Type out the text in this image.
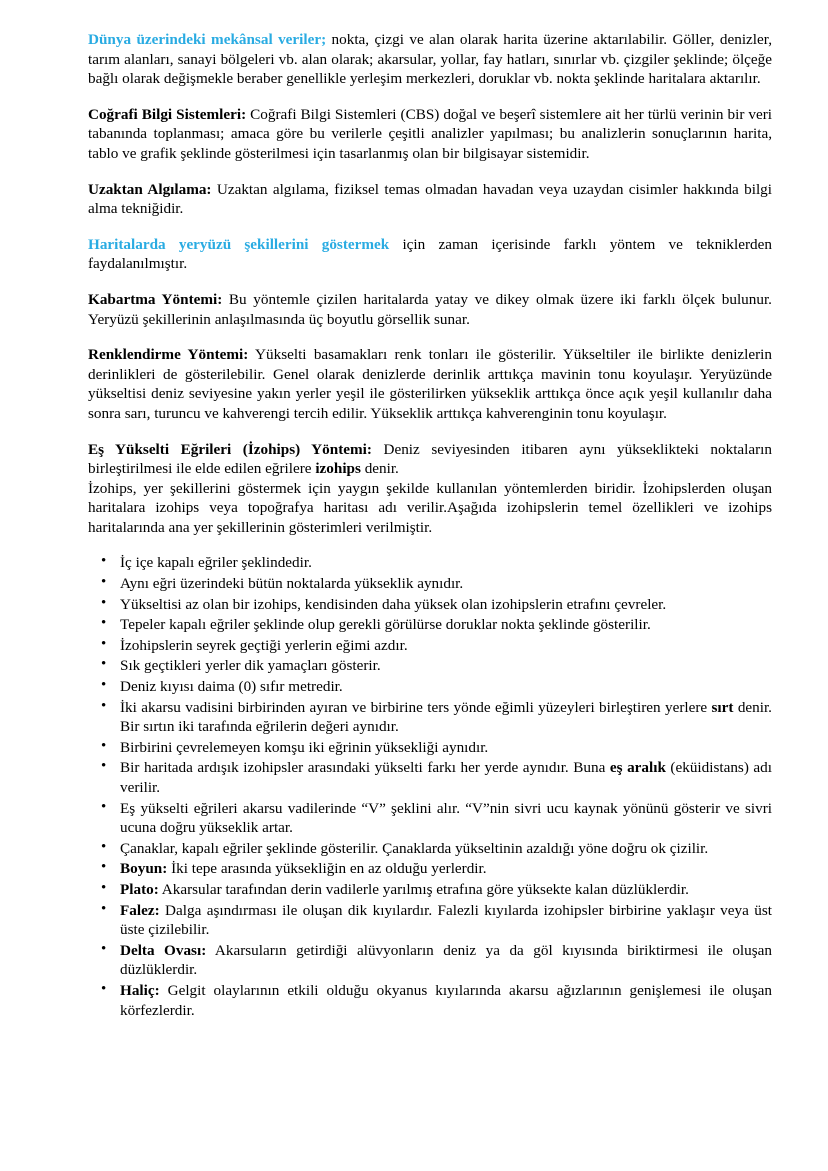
Dünya üzerindeki mekânsal veriler; nokta, çizgi ve alan olarak harita üzerine aktarılabilir. Göller, denizler, tarım alanları, sanayi bölgeleri vb. alan olarak; akarsular, yollar, fay hatları, sınırlar vb. çizgiler şeklinde; ölçeğe bağlı olarak değişmekle beraber genellikle yerleşim merkezleri, doruklar vb. nokta şeklinde haritalara aktarılır.

Coğrafi Bilgi Sistemleri: Coğrafi Bilgi Sistemleri (CBS) doğal ve beşerî sistemlere ait her türlü verinin bir veri tabanında toplanması; amaca göre bu verilerle çeşitli analizler yapılması; bu analizlerin sonuçlarının harita, tablo ve grafik şeklinde gösterilmesi için tasarlanmış olan bir bilgisayar sistemidir.

Uzaktan Algılama: Uzaktan algılama, fiziksel temas olmadan havadan veya uzaydan cisimler hakkında bilgi alma tekniğidir.

Haritalarda yeryüzü şekillerini göstermek için zaman içerisinde farklı yöntem ve tekniklerden faydalanılmıştır.

Kabartma Yöntemi: Bu yöntemle çizilen haritalarda yatay ve dikey olmak üzere iki farklı ölçek bulunur. Yeryüzü şekillerinin anlaşılmasında üç boyutlu görsellik sunar.

Renklendirme Yöntemi: Yükselti basamakları renk tonları ile gösterilir. Yükseltiler ile birlikte denizlerin derinlikleri de gösterilebilir. Genel olarak denizlerde derinlik arttıkça mavinin tonu koyulaşır. Yeryüzünde yükseltisi deniz seviyesine yakın yerler yeşil ile gösterilirken yükseklik arttıkça önce açık yeşil kullanılır daha sonra sarı, turuncu ve kahverengi tercih edilir. Yükseklik arttıkça kahverenginin tonu koyulaşır.

Eş Yükselti Eğrileri (İzohips) Yöntemi: Deniz seviyesinden itibaren aynı yükseklikteki noktaların birleştirilmesi ile elde edilen eğrilere izohips denir.

İzohips, yer şekillerini göstermek için yaygın şekilde kullanılan yöntemlerden biridir. İzohipslerden oluşan haritalara izohips veya topoğrafya haritası adı verilir.Aşağıda izohipslerin temel özellikleri ve izohips haritalarında ana yer şekillerinin gösterimleri verilmiştir.

• İç içe kapalı eğriler şeklindedir.
• Aynı eğri üzerindeki bütün noktalarda yükseklik aynıdır.
• Yükseltisi az olan bir izohips, kendisinden daha yüksek olan izohipslerin etrafını çevreler.
• Tepeler kapalı eğriler şeklinde olup gerekli görülürse doruklar nokta şeklinde gösterilir.
• İzohipslerin seyrek geçtiği yerlerin eğimi azdır.
• Sık geçtikleri yerler dik yamaçları gösterir.
• Deniz kıyısı daima (0) sıfır metredir.
• İki akarsu vadisini birbirinden ayıran ve birbirine ters yönde eğimli yüzeyleri birleştiren yerlere sırt denir. Bir sırtın iki tarafında eğrilerin değeri aynıdır.
• Birbirini çevrelemeyen komşu iki eğrinin yüksekliği aynıdır.
• Bir haritada ardışık izohipsler arasındaki yükselti farkı her yerde aynıdır. Buna eş aralık (eküidistans) adı verilir.
• Eş yükselti eğrileri akarsu vadilerinde “V” şeklini alır. “V”nin sivri ucu kaynak yönünü gösterir ve sivri ucuna doğru yükseklik artar.
• Çanaklar, kapalı eğriler şeklinde gösterilir. Çanaklarda yükseltinin azaldığı yöne doğru ok çizilir.
• Boyun: İki tepe arasında yüksekliğin en az olduğu yerlerdir.
• Plato: Akarsular tarafından derin vadilerle yarılmış etrafına göre yüksekte kalan düzlüklerdir.
• Falez: Dalga aşındırması ile oluşan dik kıyılardır. Falezli kıyılarda izohipsler birbirine yaklaşır veya üst üste çizilebilir.
• Delta Ovası: Akarsuların getirdiği alüvyonların deniz ya da göl kıyısında biriktirmesi ile oluşan düzlüklerdir.
• Haliç: Gelgit olaylarının etkili olduğu okyanus kıyılarında akarsu ağızlarının genişlemesi ile oluşan körfezlerdir.
